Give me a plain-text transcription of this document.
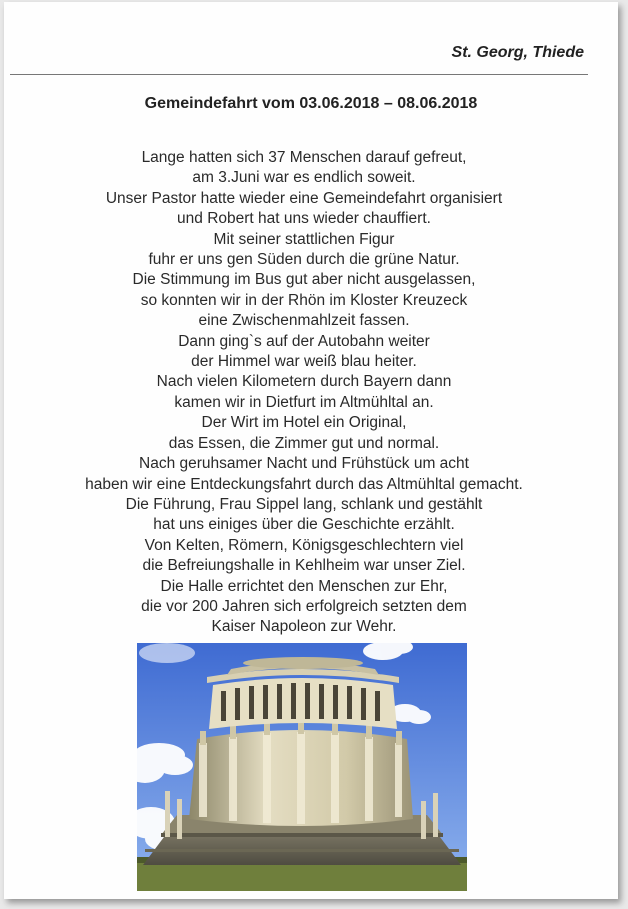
St. Georg, Thiede
Gemeindefahrt vom 03.06.2018 – 08.06.2018
Lange hatten sich 37 Menschen darauf gefreut,
am 3.Juni war es endlich soweit.
Unser Pastor hatte wieder eine Gemeindefahrt organisiert
und Robert hat uns wieder chauffiert.
Mit seiner stattlichen Figur
fuhr er uns gen Süden durch die grüne Natur.
Die Stimmung im Bus gut aber nicht ausgelassen,
so konnten wir in der Rhön im Kloster Kreuzeck
eine Zwischenmahlzeit fassen.
Dann ging`s auf der Autobahn weiter
der Himmel war weiß blau heiter.
Nach vielen Kilometern durch Bayern dann
kamen wir in Dietfurt im Altmühltal an.
Der Wirt im Hotel ein Original,
das Essen, die Zimmer gut und normal.
Nach geruhsamer Nacht und Frühstück um acht
haben wir eine Entdeckungsfahrt durch das Altmühltal gemacht.
Die Führung, Frau Sippel lang, schlank und gestählt
hat uns einiges über die Geschichte erzählt.
Von Kelten, Römern, Königsgeschlechtern viel
die Befreiungshalle in Kehlheim war unser Ziel.
Die Halle errichtet den Menschen zur Ehr,
die vor 200 Jahren sich erfolgreich setzten dem
Kaiser Napoleon zur Wehr.
